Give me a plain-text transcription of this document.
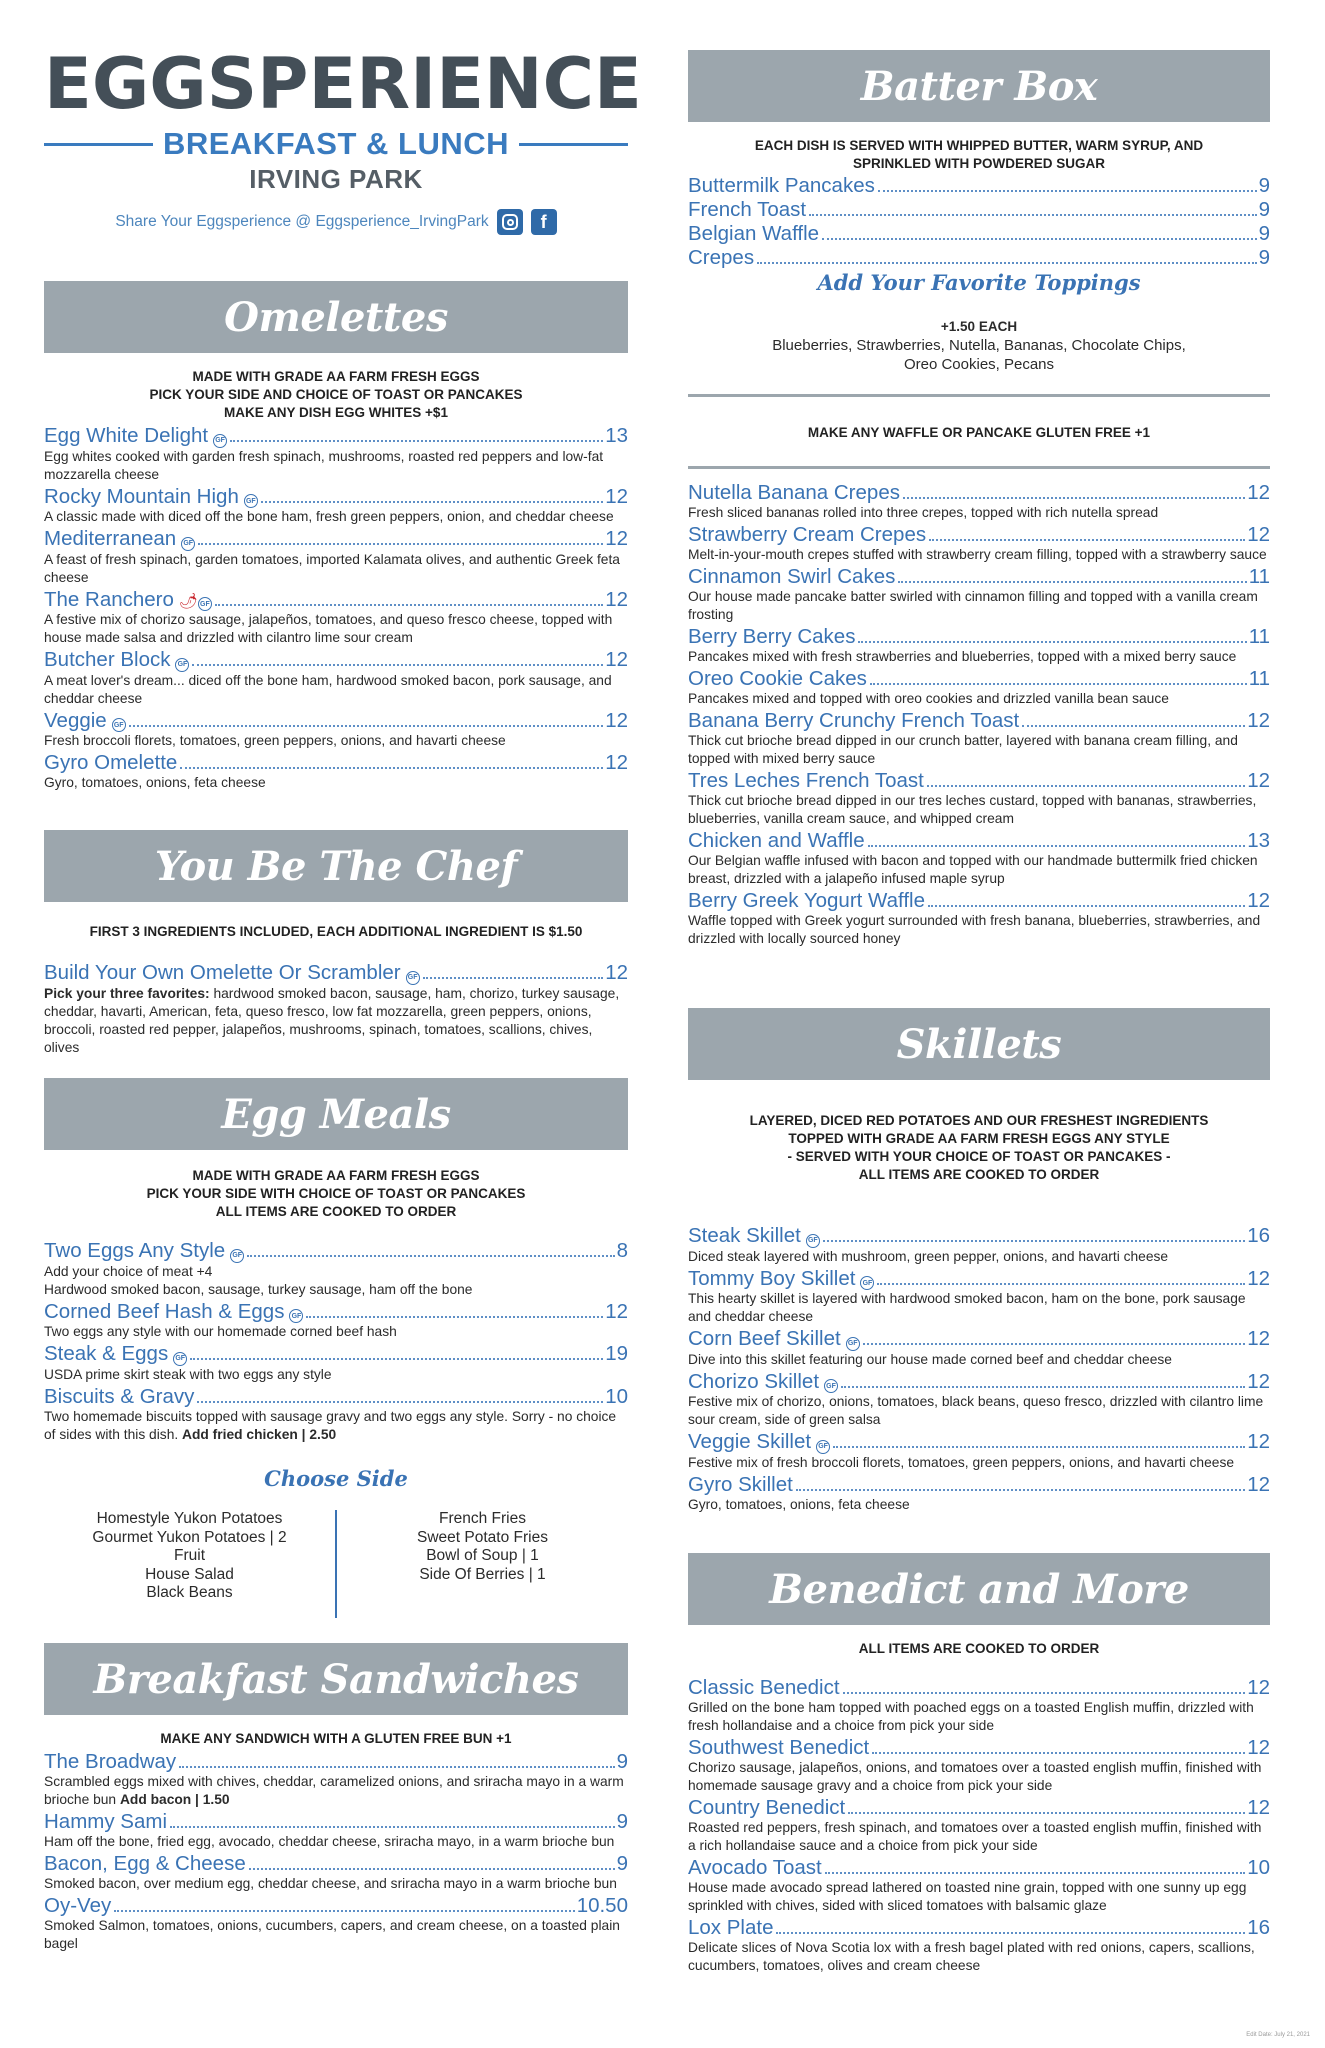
EGGSPERIENCE
BREAKFAST & LUNCH
IRVING PARK
Share Your Eggsperience @ Eggsperience_IrvingPark	f
Omelettes
MADE WITH GRADE AA FARM FRESH EGGS
PICK YOUR SIDE AND CHOICE OF TOAST OR PANCAKES
MAKE ANY DISH EGG WHITES +$1
Egg White Delight	GF	13
Egg whites cooked with garden fresh spinach, mushrooms, roasted red peppers and low-fat mozzarella cheese
Rocky Mountain High	GF	12
A classic made with diced off the bone ham, fresh green peppers, onion, and cheddar cheese
Mediterranean	GF	12
A feast of fresh spinach, garden tomatoes, imported Kalamata olives, and authentic Greek feta cheese
The Ranchero 🌶 GF	12
A festive mix of chorizo sausage, jalapeños, tomatoes, and queso fresco cheese, topped with house made salsa and drizzled with cilantro lime sour cream
Butcher Block	GF	12
A meat lover's dream... diced off the bone ham, hardwood smoked bacon, pork sausage, and cheddar cheese
Veggie	GF	12
Fresh broccoli florets, tomatoes, green peppers, onions, and havarti cheese
Gyro Omelette	12
Gyro, tomatoes, onions, feta cheese
You Be The Chef
FIRST 3 INGREDIENTS INCLUDED, EACH ADDITIONAL INGREDIENT IS $1.50
Build Your Own Omelette Or Scrambler	GF	12
Pick your three favorites: hardwood smoked bacon, sausage, ham, chorizo, turkey sausage, cheddar, havarti, American, feta, queso fresco, low fat mozzarella, green peppers, onions, broccoli, roasted red pepper, jalapeños, mushrooms, spinach, tomatoes, scallions, chives, olives
Egg Meals
MADE WITH GRADE AA FARM FRESH EGGS
PICK YOUR SIDE WITH CHOICE OF TOAST OR PANCAKES
ALL ITEMS ARE COOKED TO ORDER
Two Eggs Any Style	GF	8
Add your choice of meat +4
Hardwood smoked bacon, sausage, turkey sausage, ham off the bone
Corned Beef Hash & Eggs	GF	12
Two eggs any style with our homemade corned beef hash
Steak & Eggs	GF	19
USDA prime skirt steak with two eggs any style
Biscuits & Gravy	10
Two homemade biscuits topped with sausage gravy and two eggs any style. Sorry - no choice of sides with this dish. Add fried chicken | 2.50
Choose Side
Homestyle Yukon Potatoes
Gourmet Yukon Potatoes | 2
Fruit
House Salad
Black Beans
French Fries
Sweet Potato Fries
Bowl of Soup | 1
Side Of Berries | 1
Breakfast Sandwiches
MAKE ANY SANDWICH WITH A GLUTEN FREE BUN +1
The Broadway	9
Scrambled eggs mixed with chives, cheddar, caramelized onions, and sriracha mayo in a warm brioche bun Add bacon | 1.50
Hammy Sami	9
Ham off the bone, fried egg, avocado, cheddar cheese, sriracha mayo, in a warm brioche bun
Bacon, Egg & Cheese	9
Smoked bacon, over medium egg, cheddar cheese, and sriracha mayo in a warm brioche bun
Oy-Vey	10.50
Smoked Salmon, tomatoes, onions, cucumbers, capers, and cream cheese, on a toasted plain bagel
Batter Box
EACH DISH IS SERVED WITH WHIPPED BUTTER, WARM SYRUP, AND
SPRINKLED WITH POWDERED SUGAR
Buttermilk Pancakes	9
French Toast	9
Belgian Waffle	9
Crepes	9
Add Your Favorite Toppings
+1.50 EACH
Blueberries, Strawberries, Nutella, Bananas, Chocolate Chips,
Oreo Cookies, Pecans
MAKE ANY WAFFLE OR PANCAKE GLUTEN FREE +1
Nutella Banana Crepes	12
Fresh sliced bananas rolled into three crepes, topped with rich nutella spread
Strawberry Cream Crepes	12
Melt-in-your-mouth crepes stuffed with strawberry cream filling, topped with a strawberry sauce
Cinnamon Swirl Cakes	11
Our house made pancake batter swirled with cinnamon filling and topped with a vanilla cream frosting
Berry Berry Cakes	11
Pancakes mixed with fresh strawberries and blueberries, topped with a mixed berry sauce
Oreo Cookie Cakes	11
Pancakes mixed and topped with oreo cookies and drizzled vanilla bean sauce
Banana Berry Crunchy French Toast	12
Thick cut brioche bread dipped in our crunch batter, layered with banana cream filling, and topped with mixed berry sauce
Tres Leches French Toast	12
Thick cut brioche bread dipped in our tres leches custard, topped with bananas, strawberries, blueberries, vanilla cream sauce, and whipped cream
Chicken and Waffle	13
Our Belgian waffle infused with bacon and topped with our handmade buttermilk fried chicken breast, drizzled with a jalapeño infused maple syrup
Berry Greek Yogurt Waffle	12
Waffle topped with Greek yogurt surrounded with fresh banana, blueberries, strawberries, and drizzled with locally sourced honey
Skillets
LAYERED, DICED RED POTATOES AND OUR FRESHEST INGREDIENTS
TOPPED WITH GRADE AA FARM FRESH EGGS ANY STYLE
- SERVED WITH YOUR CHOICE OF TOAST OR PANCAKES -
ALL ITEMS ARE COOKED TO ORDER
Steak Skillet	GF	16
Diced steak layered with mushroom, green pepper, onions, and havarti cheese
Tommy Boy Skillet	GF	12
This hearty skillet is layered with hardwood smoked bacon, ham on the bone, pork sausage and cheddar cheese
Corn Beef Skillet	GF	12
Dive into this skillet featuring our house made corned beef and cheddar cheese
Chorizo Skillet	GF	12
Festive mix of chorizo, onions, tomatoes, black beans, queso fresco, drizzled with cilantro lime sour cream, side of green salsa
Veggie Skillet	GF	12
Festive mix of fresh broccoli florets, tomatoes, green peppers, onions, and havarti cheese
Gyro Skillet	12
Gyro, tomatoes, onions, feta cheese
Benedict and More
ALL ITEMS ARE COOKED TO ORDER
Classic Benedict	12
Grilled on the bone ham topped with poached eggs on a toasted English muffin, drizzled with fresh hollandaise and a choice from pick your side
Southwest Benedict	12
Chorizo sausage, jalapeños, onions, and tomatoes over a toasted english muffin, finished with homemade sausage gravy and a choice from pick your side
Country Benedict	12
Roasted red peppers, fresh spinach, and tomatoes over a toasted english muffin, finished with a rich hollandaise sauce and a choice from pick your side
Avocado Toast	10
House made avocado spread lathered on toasted nine grain, topped with one sunny up egg sprinkled with chives, sided with sliced tomatoes with balsamic glaze
Lox Plate	16
Delicate slices of Nova Scotia lox with a fresh bagel plated with red onions, capers, scallions, cucumbers, tomatoes, olives and cream cheese
Edit Date: July 21, 2021
